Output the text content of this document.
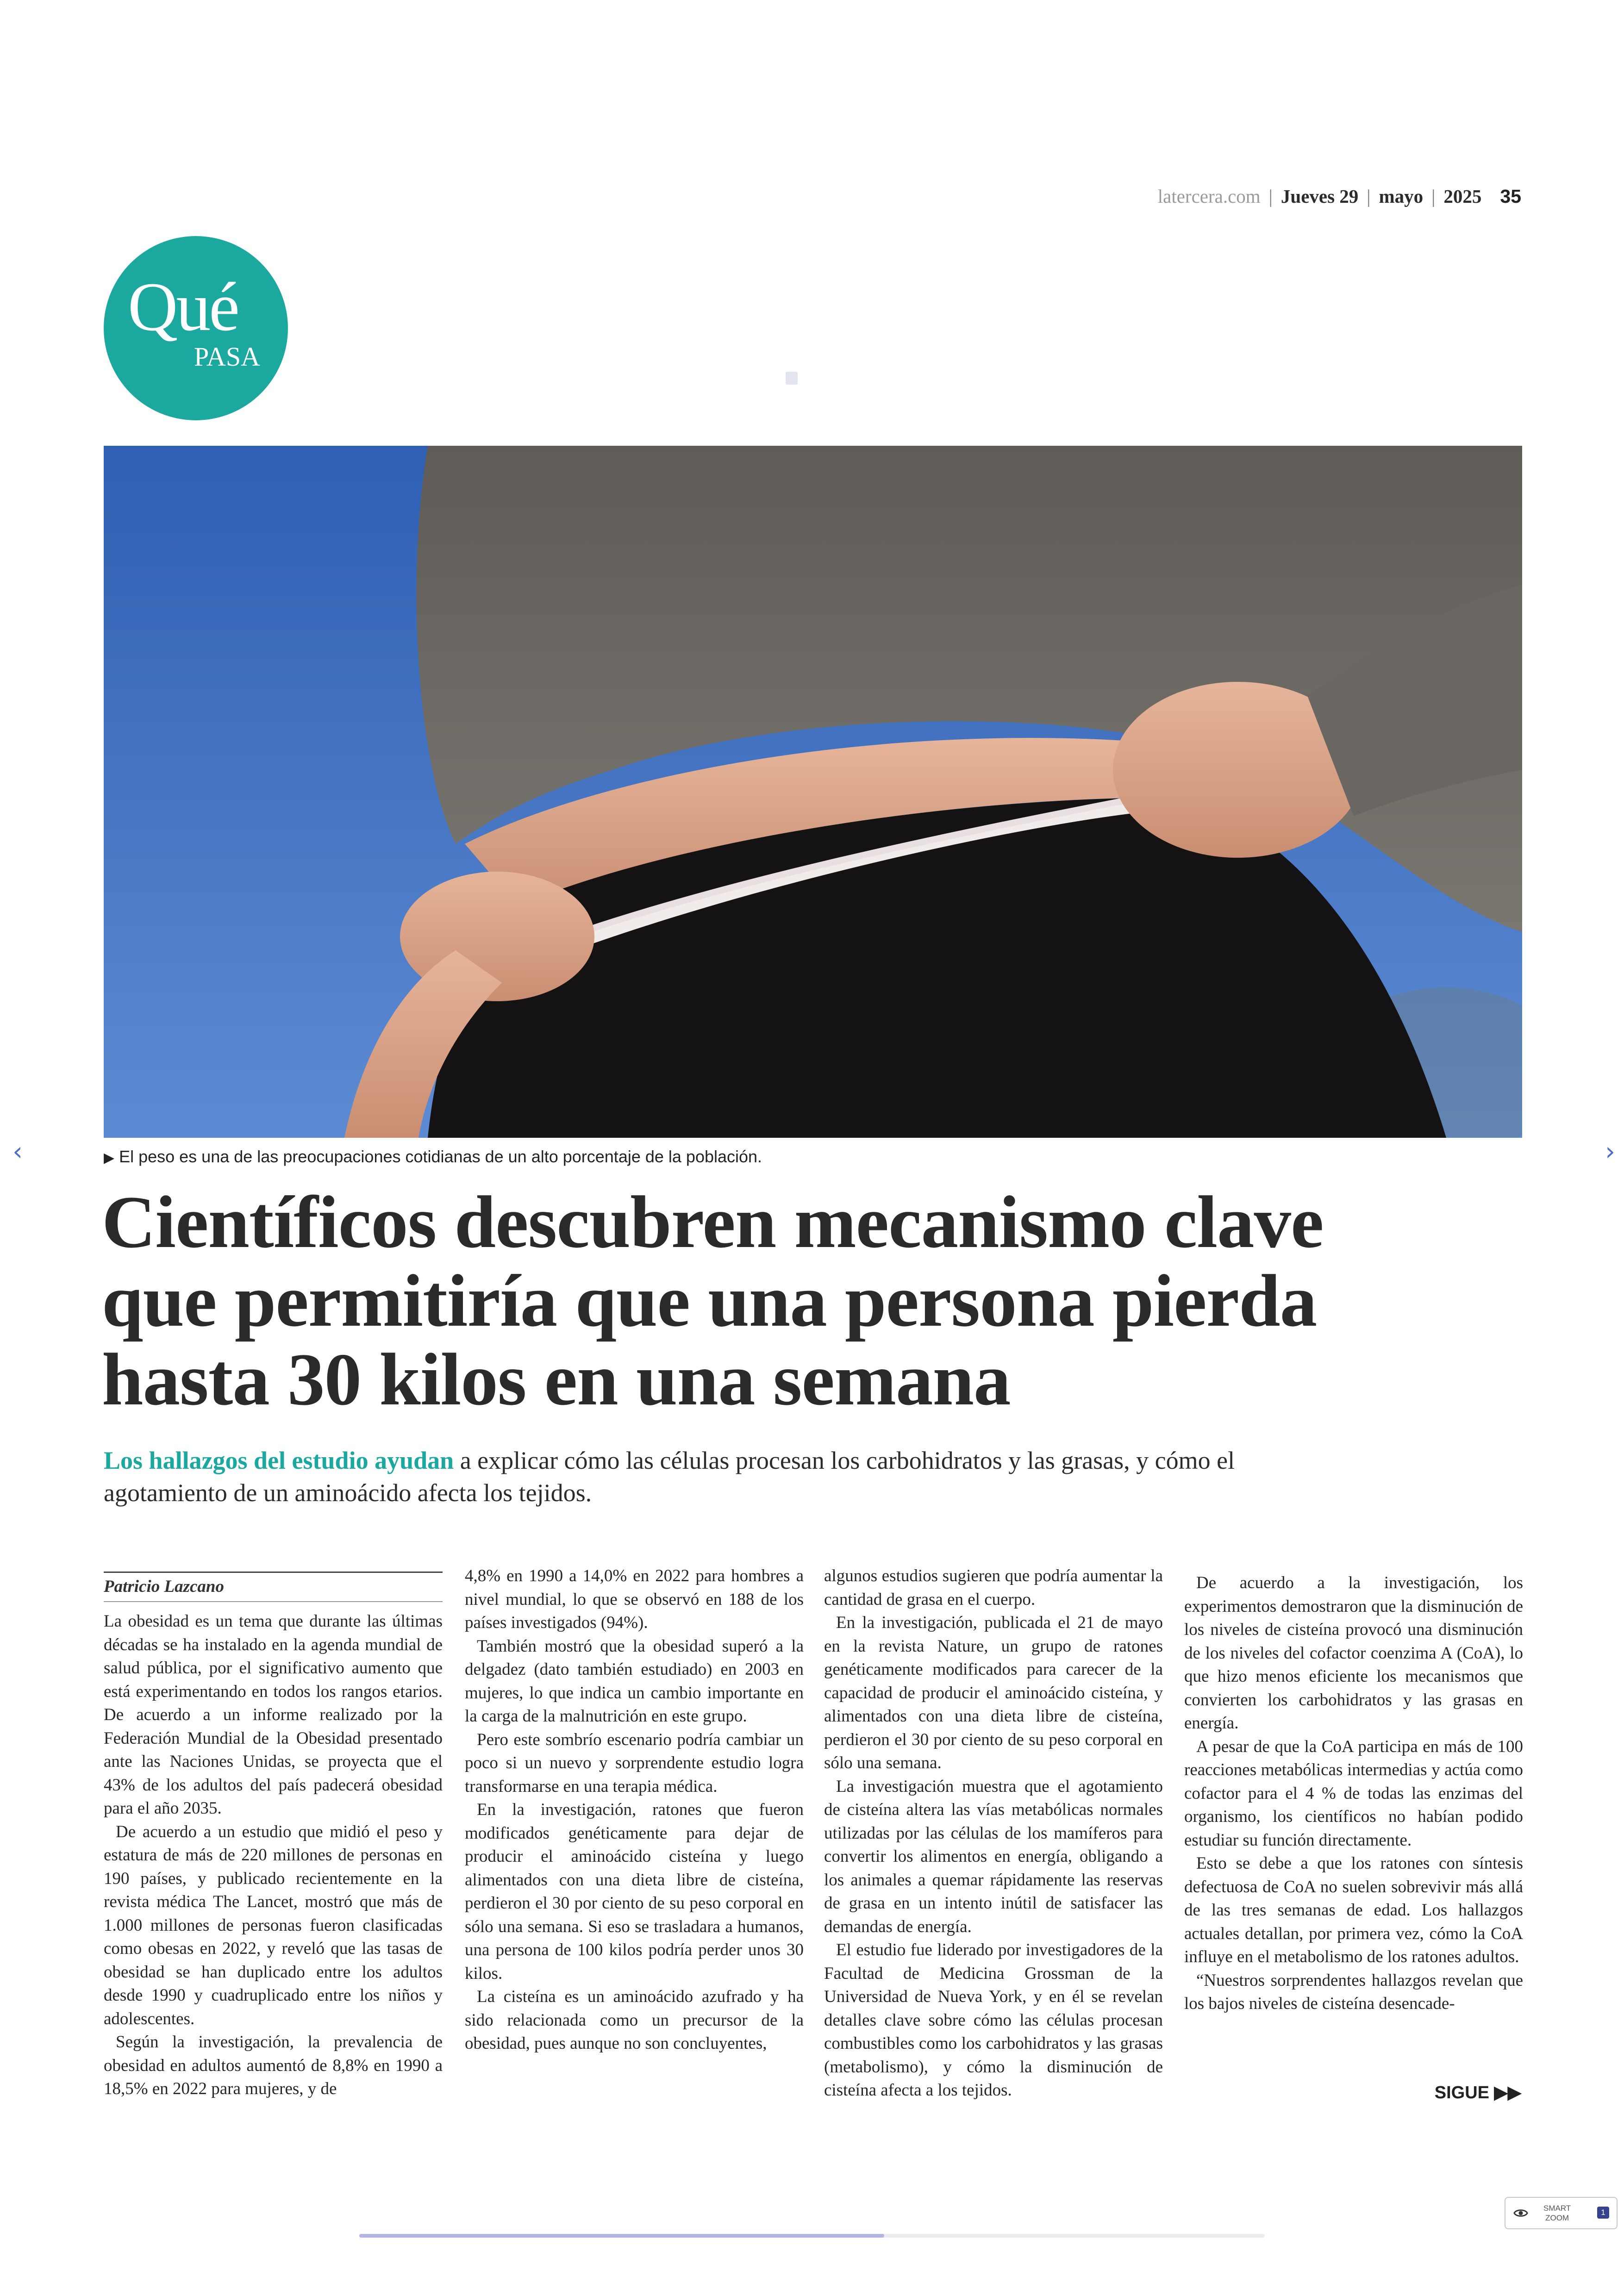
latercera.com | Jueves 29 | mayo | 2025 35
Qué
PASA
▶ El peso es una de las preocupaciones cotidianas de un alto porcentaje de la población.
Científicos descubren mecanismo clave
que permitiría que una persona pierda
hasta 30 kilos en una semana
Los hallazgos del estudio ayudan a explicar cómo las células procesan los carbohidratos y las grasas, y cómo el agotamiento de un aminoácido afecta los tejidos.
Patricio Lazcano

La obesidad es un tema que durante las últimas décadas se ha instalado en la agenda mundial de salud pública, por el significativo aumento que está experimentando en todos los rangos etarios. De acuerdo a un informe realizado por la Federación Mundial de la Obesidad presentado ante las Naciones Unidas, se proyecta que el 43% de los adultos del país padecerá obesidad para el año 2035.

De acuerdo a un estudio que midió el peso y estatura de más de 220 millones de personas en 190 países, y publicado recientemente en la revista médica The Lancet, mostró que más de 1.000 millones de personas fueron clasificadas como obesas en 2022, y reveló que las tasas de obesidad se han duplicado entre los adultos desde 1990 y cuadruplicado entre los niños y adolescentes.

Según la investigación, la prevalencia de obesidad en adultos aumentó de 8,8% en 1990 a 18,5% en 2022 para mujeres, y de

4,8% en 1990 a 14,0% en 2022 para hombres a nivel mundial, lo que se observó en 188 de los países investigados (94%).

También mostró que la obesidad superó a la delgadez (dato también estudiado) en 2003 en mujeres, lo que indica un cambio importante en la carga de la malnutrición en este grupo.

Pero este sombrío escenario podría cambiar un poco si un nuevo y sorprendente estudio logra transformarse en una terapia médica.

En la investigación, ratones que fueron modificados genéticamente para dejar de producir el aminoácido cisteína y luego alimentados con una dieta libre de cisteína, perdieron el 30 por ciento de su peso corporal en sólo una semana. Si eso se trasladara a humanos, una persona de 100 kilos podría perder unos 30 kilos.

La cisteína es un aminoácido azufrado y ha sido relacionada como un precursor de la obesidad, pues aunque no son concluyentes,

algunos estudios sugieren que podría aumentar la cantidad de grasa en el cuerpo.

En la investigación, publicada el 21 de mayo en la revista Nature, un grupo de ratones genéticamente modificados para carecer de la capacidad de producir el aminoácido cisteína, y alimentados con una dieta libre de cisteína, perdieron el 30 por ciento de su peso corporal en sólo una semana.

La investigación muestra que el agotamiento de cisteína altera las vías metabólicas normales utilizadas por las células de los mamíferos para convertir los alimentos en energía, obligando a los animales a quemar rápidamente las reservas de grasa en un intento inútil de satisfacer las demandas de energía.

El estudio fue liderado por investigadores de la Facultad de Medicina Grossman de la Universidad de Nueva York, y en él se revelan detalles clave sobre cómo las células procesan combustibles como los carbohidratos y las grasas (metabolismo), y cómo la disminución de cisteína afecta a los tejidos.

De acuerdo a la investigación, los experimentos demostraron que la disminución de los niveles de cisteína provocó una disminución de los niveles del cofactor coenzima A (CoA), lo que hizo menos eficiente los mecanismos que convierten los carbohidratos y las grasas en energía.

A pesar de que la CoA participa en más de 100 reacciones metabólicas intermedias y actúa como cofactor para el 4 % de todas las enzimas del organismo, los científicos no habían podido estudiar su función directamente.

Esto se debe a que los ratones con síntesis defectuosa de CoA no suelen sobrevivir más allá de las tres semanas de edad. Los hallazgos actuales detallan, por primera vez, cómo la CoA influye en el metabolismo de los ratones adultos.

“Nuestros sorprendentes hallazgos revelan que los bajos niveles de cisteína desencade-

SIGUE ▶▶
‹	›
SMART
ZOOM
1
